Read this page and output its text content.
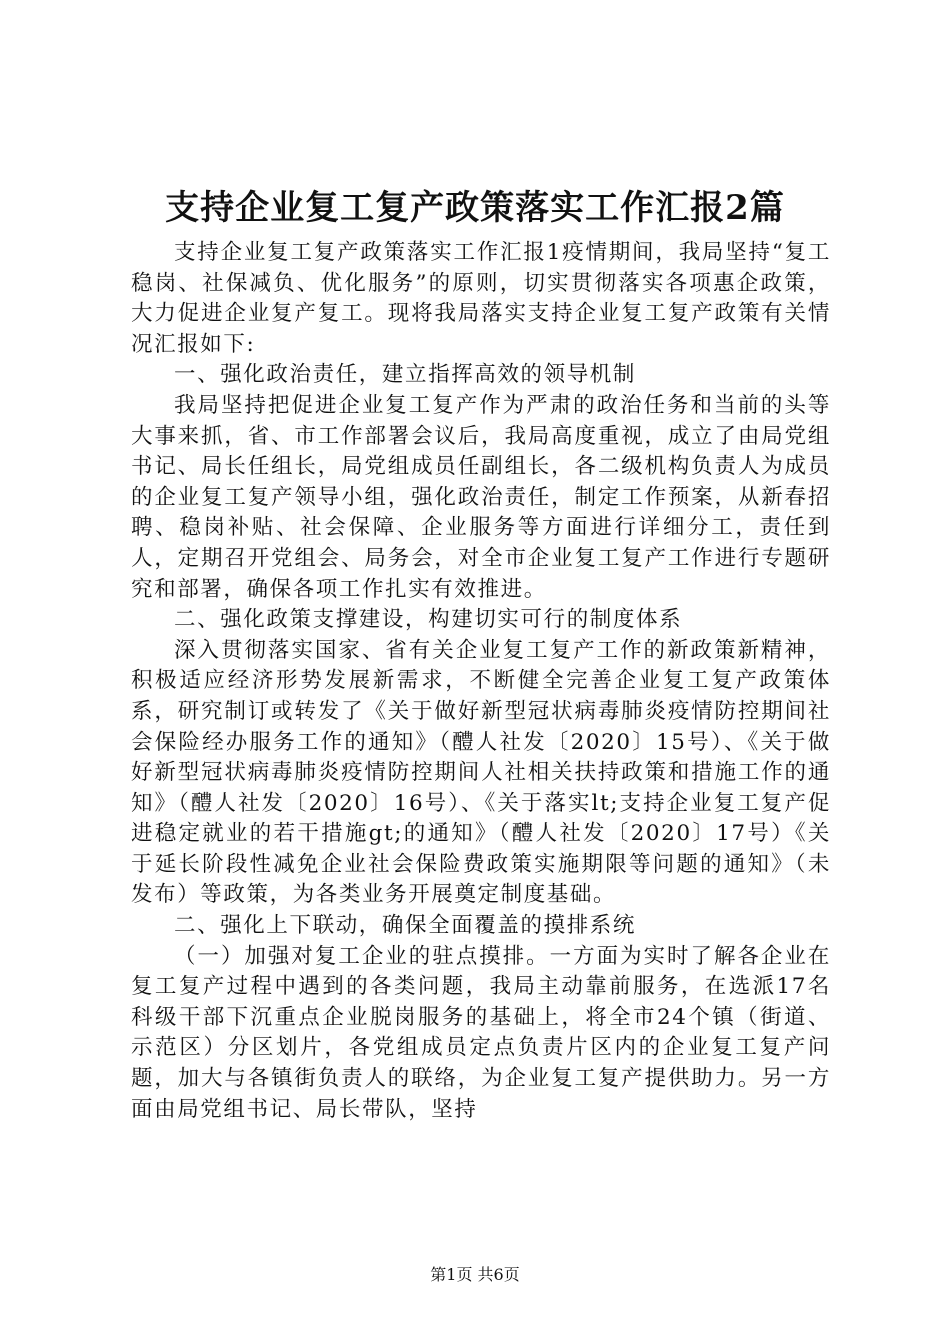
支持企业复工复产政策落实工作汇报2篇

支持企业复工复产政策落实工作汇报1疫情期间，我局坚持“复工稳岗、社保减负、优化服务”的原则，切实贯彻落实各项惠企政策，大力促进企业复产复工。现将我局落实支持企业复工复产政策有关情况汇报如下:

一、强化政治责任，建立指挥高效的领导机制

我局坚持把促进企业复工复产作为严肃的政治任务和当前的头等大事来抓，省、市工作部署会议后，我局高度重视，成立了由局党组书记、局长任组长，局党组成员任副组长，各二级机构负责人为成员的企业复工复产领导小组，强化政治责任，制定工作预案，从新春招聘、稳岗补贴、社会保障、企业服务等方面进行详细分工，责任到人，定期召开党组会、局务会，对全市企业复工复产工作进行专题研究和部署，确保各项工作扎实有效推进。

二、强化政策支撑建设，构建切实可行的制度体系

深入贯彻落实国家、省有关企业复工复产工作的新政策新精神，积极适应经济形势发展新需求，不断健全完善企业复工复产政策体系，研究制订或转发了《关于做好新型冠状病毒肺炎疫情防控期间社会保险经办服务工作的通知》（醴人社发〔2020〕15号）、《关于做好新型冠状病毒肺炎疫情防控期间人社相关扶持政策和措施工作的通知》（醴人社发〔2020〕16号）、《关于落实lt;支持企业复工复产促进稳定就业的若干措施gt;的通知》（醴人社发〔2020〕17号）《关于延长阶段性减免企业社会保险费政策实施期限等问题的通知》（未发布）等政策，为各类业务开展奠定制度基础。

二、强化上下联动，确保全面覆盖的摸排系统

（一）加强对复工企业的驻点摸排。一方面为实时了解各企业在复工复产过程中遇到的各类问题，我局主动靠前服务，在选派17名科级干部下沉重点企业脱岗服务的基础上，将全市24个镇（街道、示范区）分区划片，各党组成员定点负责片区内的企业复工复产问题，加大与各镇街负责人的联络，为企业复工复产提供助力。另一方面由局党组书记、局长带队，坚持

第1页 共6页
